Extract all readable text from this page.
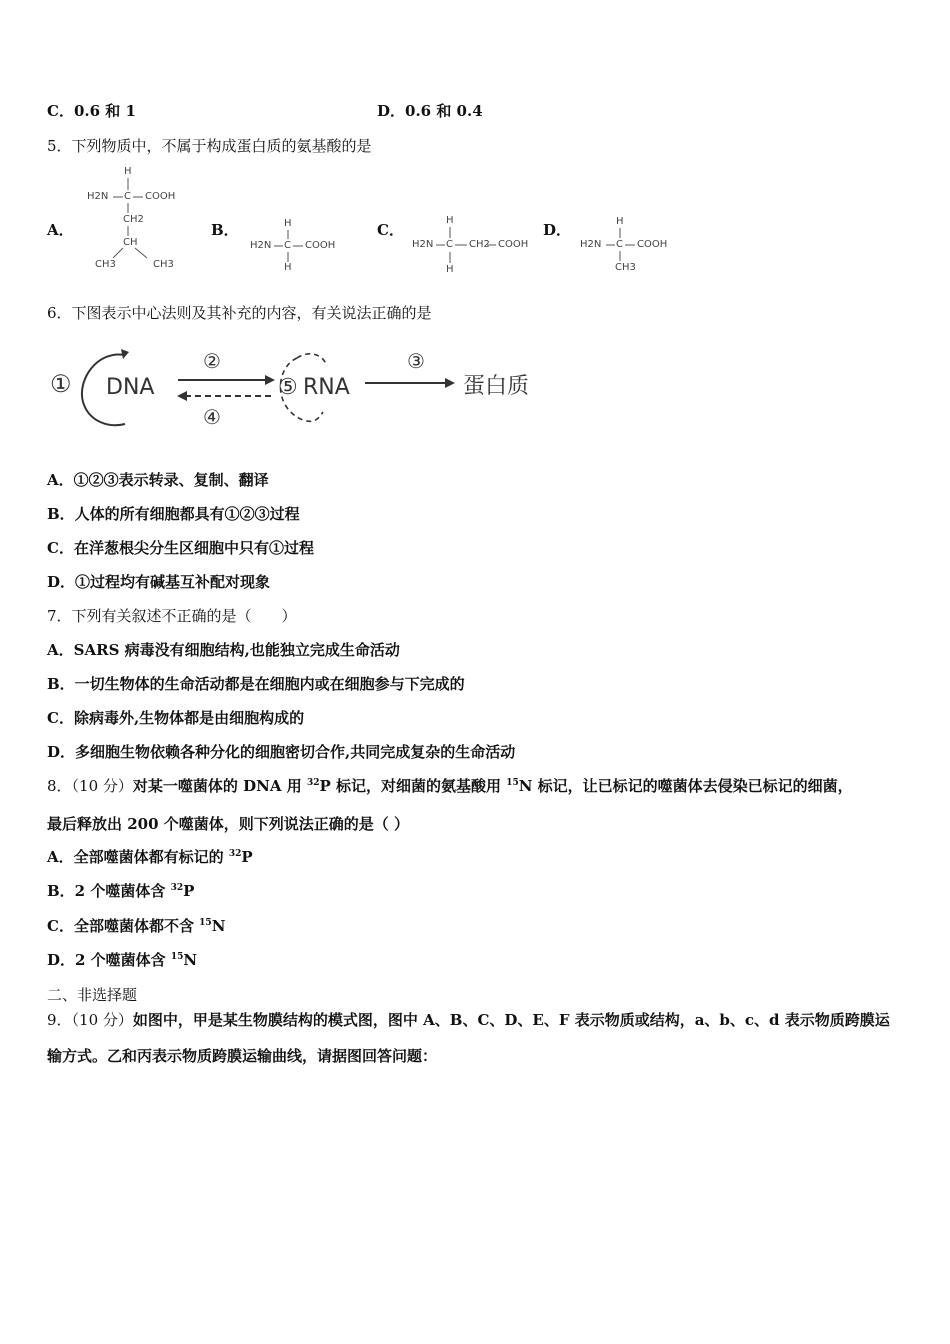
C．0.6 和 1	D．0.6 和 0.4
5．下列物质中，不属于构成蛋白质的氨基酸的是
A．	B．	C．	D．
H
H2N C COOH
CH2
CH
CH3	CH3
H
H2N C COOH
H
H
H2N C CH2 COOH
H
H
H2N C COOH
CH3
6．下图表示中心法则及其补充的内容，有关说法正确的是
① DNA
②
④
⑤ RNA
③
蛋白质
A．①②③表示转录、复制、翻译
B．人体的所有细胞都具有①②③过程
C．在洋葱根尖分生区细胞中只有①过程
D．①过程均有碱基互补配对现象
7．下列有关叙述不正确的是（　　）
A．SARS 病毒没有细胞结构,也能独立完成生命活动
B．一切生物体的生命活动都是在细胞内或在细胞参与下完成的
C．除病毒外,生物体都是由细胞构成的
D．多细胞生物依赖各种分化的细胞密切合作,共同完成复杂的生命活动
8．（10 分）对某一噬菌体的 DNA 用 $^{32}$P 标记，对细菌的氨基酸用 $^{15}$N 标记，让已标记的噬菌体去侵染已标记的细菌，
最后释放出 200 个噬菌体，则下列说法正确的是（ ）
A．全部噬菌体都有标记的 $^{32}$P
B．2 个噬菌体含 $^{32}$P
C．全部噬菌体都不含 $^{15}$N
D．2 个噬菌体含 $^{15}$N
二、非选择题
9．（10 分）如图中，甲是某生物膜结构的模式图，图中 A、B、C、D、E、F 表示物质或结构，a、b、c、d 表示物质跨膜运
输方式。乙和丙表示物质跨膜运输曲线，请据图回答问题：
